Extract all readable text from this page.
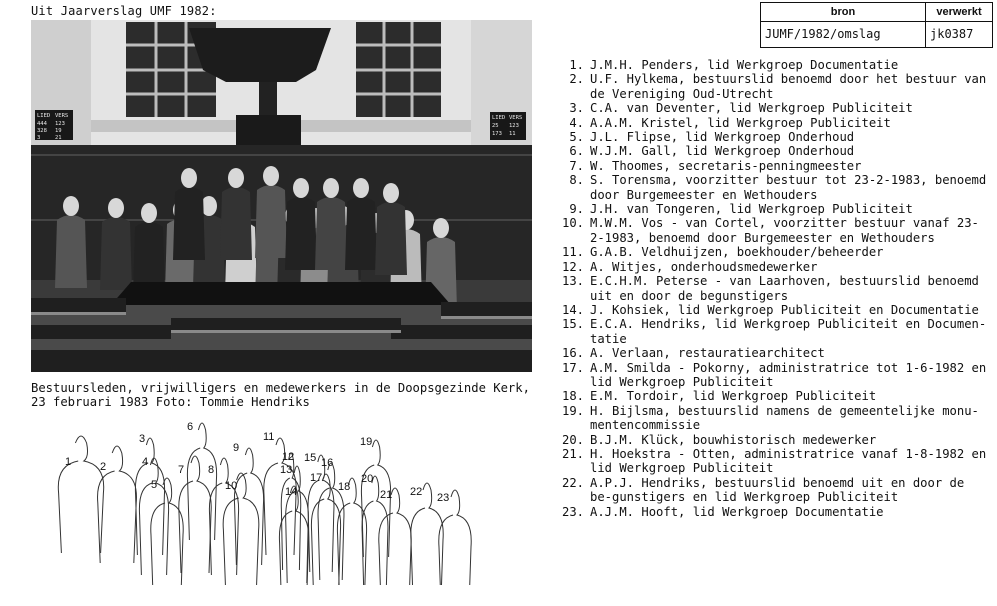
Uit Jaarverslag UMF 1982:	bron	verwerkt
JUMF/1982/omslag	jk0387
LIED VERS
444 123
328 19
3	21
LIED VERS
25 123
173 11
Bestuursleden, vrijwilligers en medewerkers in de Doopsgezinde Kerk,
23 februari 1983 Foto: Tommie Hendriks
1	2
3
4
5
6
7 8
9
10
11
12
13
14
15 16
17
18
19
20
21 22 23
1. J.M.H. Penders, lid Werkgroep Documentatie
2. U.F. Hylkema, bestuurslid benoemd door het bestuur van de Vereniging Oud-Utrecht
3. C.A. van Deventer, lid Werkgroep Publiciteit
4. A.A.M. Kristel, lid Werkgroep Publiciteit
5. J.L. Flipse, lid Werkgroep Onderhoud
6. W.J.M. Gall, lid Werkgroep Onderhoud
7. W. Thoomes, secretaris-penningmeester
8. S. Torensma, voorzitter bestuur tot 23-2-1983, benoemd door Burgemeester en Wethouders
9. J.H. van Tongeren, lid Werkgroep Publiciteit
10. M.W.M. Vos - van Cortel, voorzitter bestuur vanaf 23-2-1983, benoemd door Burgemeester en Wethouders
11. G.A.B. Veldhuijzen, boekhouder/beheerder
12. A. Witjes, onderhoudsmedewerker
13. E.C.H.M. Peterse - van Laarhoven, bestuurslid benoemd uit en door de begunstigers
14. J. Kohsiek, lid Werkgroep Publiciteit en Documentatie
15. E.C.A. Hendriks, lid Werkgroep Publiciteit en Documen-tatie
16. A. Verlaan, restauratiearchitect
17. A.M. Smilda - Pokorny, administratrice tot 1-6-1982 en lid Werkgroep Publiciteit
18. E.M. Tordoir, lid Werkgroep Publiciteit
19. H. Bijlsma, bestuurslid namens de gemeentelijke monu-mentencommissie
20. B.J.M. Klück, bouwhistorisch medewerker
21. H. Hoekstra - Otten, administratrice vanaf 1-8-1982 en lid Werkgroep Publiciteit
22. A.P.J. Hendriks, bestuurslid benoemd uit en door de be-gunstigers en lid Werkgroep Publiciteit
23. A.J.M. Hooft, lid Werkgroep Documentatie
